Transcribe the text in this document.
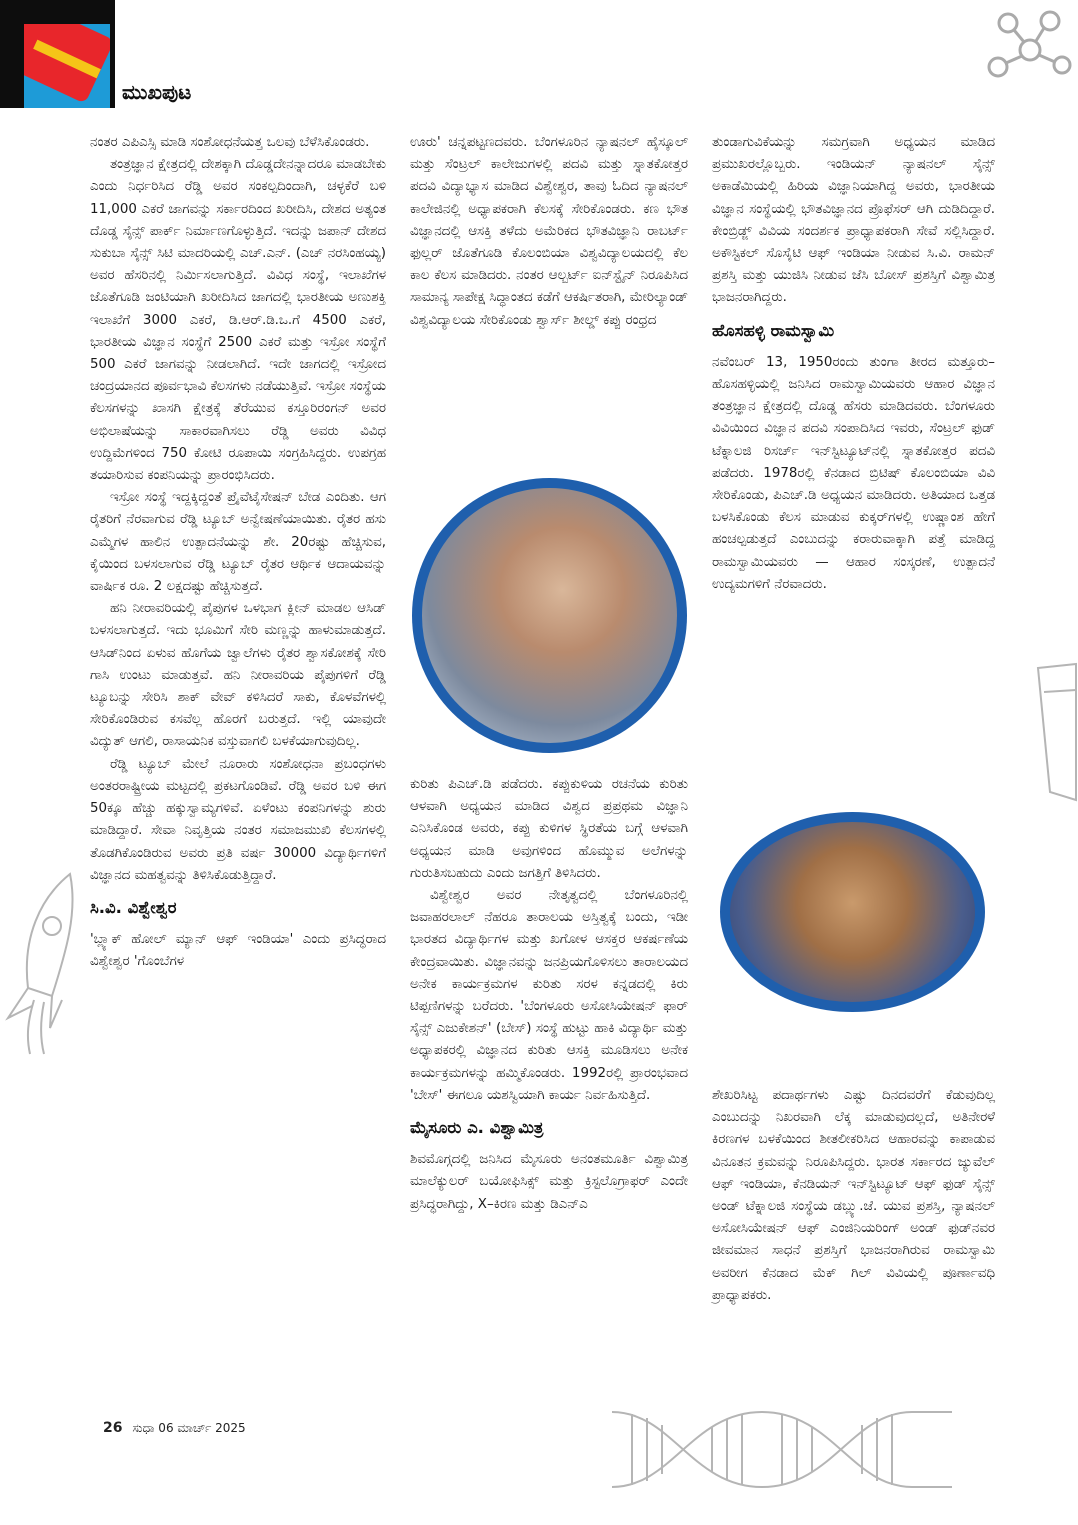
ಮುಖಪುಟ

ನಂತರ ಎಪಿಎಸ್ಸಿ ಮಾಡಿ ಸಂಶೋಧನೆಯತ್ತ ಒಲವು ಬೆಳೆಸಿಕೊಂಡರು.

ತಂತ್ರಜ್ಞಾನ ಕ್ಷೇತ್ರದಲ್ಲಿ ದೇಶಕ್ಕಾಗಿ ದೊಡ್ಡದೇನನ್ನಾದರೂ ಮಾಡಬೇಕು ಎಂದು ನಿರ್ಧರಿಸಿದ ರೆಡ್ಡಿ ಅವರ ಸಂಕಲ್ಪದಿಂದಾಗಿ, ಚಳ್ಳಕೆರೆ ಬಳಿ 11,000 ಎಕರೆ ಜಾಗವನ್ನು ಸರ್ಕಾರದಿಂದ ಖರೀದಿಸಿ, ದೇಶದ ಅತ್ಯಂತ ದೊಡ್ಡ ಸೈನ್ಸ್ ಪಾರ್ಕ್ ನಿರ್ಮಾಣಗೊಳ್ಳುತ್ತಿದೆ. ಇದನ್ನು ಜಪಾನ್ ದೇಶದ ಸುಕುಬಾ ಸೈನ್ಸ್ ಸಿಟಿ ಮಾದರಿಯಲ್ಲಿ ಎಚ್.ಎನ್. (ಎಚ್ ನರಸಿಂಹಯ್ಯ) ಅವರ ಹೆಸರಿನಲ್ಲಿ ನಿರ್ಮಿಸಲಾಗುತ್ತಿದೆ. ವಿವಿಧ ಸಂಸ್ಥೆ, ಇಲಾಖೆಗಳ ಜೊತೆಗೂಡಿ ಜಂಟಿಯಾಗಿ ಖರೀದಿಸಿದ ಜಾಗದಲ್ಲಿ ಭಾರತೀಯ ಅಣುಶಕ್ತಿ ಇಲಾಖೆಗೆ 3000 ಎಕರೆ, ಡಿ.ಆರ್.ಡಿ.ಒ.ಗೆ 4500 ಎಕರೆ, ಭಾರತೀಯ ವಿಜ್ಞಾನ ಸಂಸ್ಥೆಗೆ 2500 ಎಕರೆ ಮತ್ತು ಇಸ್ರೋ ಸಂಸ್ಥೆಗೆ 500 ಎಕರೆ ಜಾಗವನ್ನು ನೀಡಲಾಗಿದೆ. ಇದೇ ಜಾಗದಲ್ಲಿ ಇಸ್ರೋದ ಚಂದ್ರಯಾನದ ಪೂರ್ವಭಾವಿ ಕೆಲಸಗಳು ನಡೆಯುತ್ತಿವೆ. ಇಸ್ರೋ ಸಂಸ್ಥೆಯ ಕೆಲಸಗಳನ್ನು ಖಾಸಗಿ ಕ್ಷೇತ್ರಕ್ಕೆ ತೆರೆಯುವ ಕಸ್ತೂರಿರಂಗನ್ ಅವರ ಅಭಿಲಾಷೆಯನ್ನು ಸಾಕಾರವಾಗಿಸಲು ರೆಡ್ಡಿ ಅವರು ವಿವಿಧ ಉದ್ದಿಮೆಗಳಿಂದ 750 ಕೋಟಿ ರೂಪಾಯಿ ಸಂಗ್ರಹಿಸಿದ್ದರು. ಉಪಗ್ರಹ ತಯಾರಿಸುವ ಕಂಪನಿಯನ್ನು ಪ್ರಾರಂಭಿಸಿದರು.

ಇಸ್ರೋ ಸಂಸ್ಥೆ ಇದ್ದಕ್ಕಿದ್ದಂತೆ ಪ್ರೈವೆಟೈಸೇಷನ್ ಬೇಡ ಎಂದಿತು. ಆಗ ರೈತರಿಗೆ ನೆರವಾಗುವ ರೆಡ್ಡಿ ಟ್ಯೂಬ್ ಅನ್ವೇಷಣೆಯಾಯಿತು. ರೈತರ ಹಸು ಎಮ್ಮೆಗಳ ಹಾಲಿನ ಉತ್ಪಾದನೆಯನ್ನು ಶೇ. 20ರಷ್ಟು ಹೆಚ್ಚಿಸುವ, ಕೈಯಿಂದ ಬಳಸಲಾಗುವ ರೆಡ್ಡಿ ಟ್ಯೂಬ್ ರೈತರ ಆರ್ಥಿಕ ಆದಾಯವನ್ನು ವಾರ್ಷಿಕ ರೂ. 2 ಲಕ್ಷದಷ್ಟು ಹೆಚ್ಚಿಸುತ್ತದೆ.

ಹನಿ ನೀರಾವರಿಯಲ್ಲಿ ಪೈಪುಗಳ ಒಳಭಾಗ ಕ್ಲೀನ್ ಮಾಡಲ ಆಸಿಡ್ ಬಳಸಲಾಗುತ್ತದೆ. ಇದು ಭೂಮಿಗೆ ಸೇರಿ ಮಣ್ಣನ್ನು ಹಾಳುಮಾಡುತ್ತದೆ. ಆಸಿಡ್‌ನಿಂದ ಏಳುವ ಹೊಗೆಯ ಜ್ವಾಲೆಗಳು ರೈತರ ಶ್ವಾಸಕೋಶಕ್ಕೆ ಸೇರಿ ಗಾಸಿ ಉಂಟು ಮಾಡುತ್ತವೆ. ಹನಿ ನೀರಾವರಿಯ ಪೈಪುಗಳಿಗೆ ರೆಡ್ಡಿ ಟ್ಯೂಬನ್ನು ಸೇರಿಸಿ ಶಾಕ್ ವೇವ್ ಕಳಿಸಿದರೆ ಸಾಕು, ಕೊಳವೆಗಳಲ್ಲಿ ಸೇರಿಕೊಂಡಿರುವ ಕಸವೆಲ್ಲ ಹೊರಗೆ ಬರುತ್ತದೆ. ಇಲ್ಲಿ ಯಾವುದೇ ವಿದ್ಯುತ್ ಆಗಲಿ, ರಾಸಾಯನಿಕ ವಸ್ತುವಾಗಲಿ ಬಳಕೆಯಾಗುವುದಿಲ್ಲ.

ರೆಡ್ಡಿ ಟ್ಯೂಬ್ ಮೇಲೆ ನೂರಾರು ಸಂಶೋಧನಾ ಪ್ರಬಂಧಗಳು ಅಂತರರಾಷ್ಟ್ರೀಯ ಮಟ್ಟದಲ್ಲಿ ಪ್ರಕಟಗೊಂಡಿವೆ. ರೆಡ್ಡಿ ಅವರ ಬಳಿ ಈಗ 50ಕ್ಕೂ ಹೆಚ್ಚು ಹಕ್ಕುಸ್ವಾಮ್ಯಗಳಿವೆ. ಏಳೆಂಟು ಕಂಪನಿಗಳನ್ನು ಶುರು ಮಾಡಿದ್ದಾರೆ. ಸೇವಾ ನಿವೃತ್ತಿಯ ನಂತರ ಸಮಾಜಮುಖಿ ಕೆಲಸಗಳಲ್ಲಿ ತೊಡಗಿಕೊಂಡಿರುವ ಅವರು ಪ್ರತಿ ವರ್ಷ 30000 ವಿದ್ಯಾರ್ಥಿಗಳಿಗೆ ವಿಜ್ಞಾನದ ಮಹತ್ವವನ್ನು ತಿಳಿಸಿಕೊಡುತ್ತಿದ್ದಾರೆ.

ಸಿ.ವಿ. ವಿಶ್ವೇಶ್ವರ

'ಬ್ಲ್ಯಾಕ್ ಹೋಲ್ ಮ್ಯಾನ್ ಆಫ್ ಇಂಡಿಯಾ' ಎಂದು ಪ್ರಸಿದ್ಧರಾದ ವಿಶ್ವೇಶ್ವರ 'ಗೊಂಬೆಗಳ

ಊರು' ಚನ್ನಪಟ್ಟಣದವರು. ಬೆಂಗಳೂರಿನ ನ್ಯಾಷನಲ್ ಹೈಸ್ಕೂಲ್ ಮತ್ತು ಸೆಂಟ್ರಲ್ ಕಾಲೇಜುಗಳಲ್ಲಿ ಪದವಿ ಮತ್ತು ಸ್ನಾತಕೋತ್ತರ ಪದವಿ ವಿದ್ಯಾಭ್ಯಾಸ ಮಾಡಿದ ವಿಶ್ವೇಶ್ವರ, ತಾವು ಓದಿದ ನ್ಯಾಷನಲ್ ಕಾಲೇಜಿನಲ್ಲಿ ಅಧ್ಯಾಪಕರಾಗಿ ಕೆಲಸಕ್ಕೆ ಸೇರಿಕೊಂಡರು. ಕಣ ಭೌತ ವಿಜ್ಞಾನದಲ್ಲಿ ಆಸಕ್ತಿ ತಳೆದು ಅಮೆರಿಕದ ಭೌತವಿಜ್ಞಾನಿ ರಾಬರ್ಟ್ ಫುಲ್ಲರ್ ಜೊತೆಗೂಡಿ ಕೊಲಂಬಿಯಾ ವಿಶ್ವವಿದ್ಯಾಲಯದಲ್ಲಿ ಕೆಲ ಕಾಲ ಕೆಲಸ ಮಾಡಿದರು. ನಂತರ ಆಲ್ಬರ್ಟ್ ಐನ್‌ಸ್ಟೈನ್ ನಿರೂಪಿಸಿದ ಸಾಮಾನ್ಯ ಸಾಪೇಕ್ಷ ಸಿದ್ಧಾಂತದ ಕಡೆಗೆ ಆಕರ್ಷಿತರಾಗಿ, ಮೇರಿಲ್ಯಾಂಡ್ ವಿಶ್ವವಿದ್ಯಾಲಯ ಸೇರಿಕೊಂಡು ಶ್ವಾರ್ಸ್ ಶೀಲ್ಡ್ ಕಪ್ಪು ರಂಧ್ರದ

ಕುರಿತು ಪಿಎಚ್.ಡಿ ಪಡೆದರು. ಕಪ್ಪುಕುಳಿಯ ರಚನೆಯ ಕುರಿತು ಆಳವಾಗಿ ಅಧ್ಯಯನ ಮಾಡಿದ ವಿಶ್ವದ ಪ್ರಪ್ರಥಮ ವಿಜ್ಞಾನಿ ಎನಿಸಿಕೊಂಡ ಅವರು, ಕಪ್ಪು ಕುಳಿಗಳ ಸ್ಥಿರತೆಯ ಬಗ್ಗೆ ಆಳವಾಗಿ ಅಧ್ಯಯನ ಮಾಡಿ ಅವುಗಳಿಂದ ಹೊಮ್ಮುವ ಅಲೆಗಳನ್ನು ಗುರುತಿಸಬಹುದು ಎಂದು ಜಗತ್ತಿಗೆ ತಿಳಿಸಿದರು.

ವಿಶ್ವೇಶ್ವರ ಅವರ ನೇತೃತ್ವದಲ್ಲಿ ಬೆಂಗಳೂರಿನಲ್ಲಿ ಜವಾಹರಲಾಲ್ ನೆಹರೂ ತಾರಾಲಯ ಅಸ್ತಿತ್ವಕ್ಕೆ ಬಂದು, ಇಡೀ ಭಾರತದ ವಿದ್ಯಾರ್ಥಿಗಳ ಮತ್ತು ಖಗೋಳ ಆಸಕ್ತರ ಆಕರ್ಷಣೆಯ ಕೇಂದ್ರವಾಯಿತು. ವಿಜ್ಞಾನವನ್ನು ಜನಪ್ರಿಯಗೊಳಿಸಲು ತಾರಾಲಯದ ಅನೇಕ ಕಾರ್ಯಕ್ರಮಗಳ ಕುರಿತು ಸರಳ ಕನ್ನಡದಲ್ಲಿ ಕಿರು ಟಿಪ್ಪಣಿಗಳನ್ನು ಬರೆದರು. 'ಬೆಂಗಳೂರು ಅಸೋಸಿಯೇಷನ್ ಫಾರ್ ಸೈನ್ಸ್ ಎಜುಕೇಶನ್' (ಬೇಸ್) ಸಂಸ್ಥೆ ಹುಟ್ಟು ಹಾಕಿ ವಿದ್ಯಾರ್ಥಿ ಮತ್ತು ಅಧ್ಯಾಪಕರಲ್ಲಿ ವಿಜ್ಞಾನದ ಕುರಿತು ಆಸಕ್ತಿ ಮೂಡಿಸಲು ಅನೇಕ ಕಾರ್ಯಕ್ರಮಗಳನ್ನು ಹಮ್ಮಿಕೊಂಡರು. 1992ರಲ್ಲಿ ಪ್ರಾರಂಭವಾದ 'ಬೇಸ್' ಈಗಲೂ ಯಶಸ್ವಿಯಾಗಿ ಕಾರ್ಯ ನಿರ್ವಹಿಸುತ್ತಿದೆ.

ಮೈಸೂರು ಎ. ವಿಶ್ವಾಮಿತ್ರ

ಶಿವಮೊಗ್ಗದಲ್ಲಿ ಜನಿಸಿದ ಮೈಸೂರು ಅನಂತಮೂರ್ತಿ ವಿಶ್ವಾಮಿತ್ರ ಮಾಲೆಕ್ಯುಲರ್ ಬಯೋಫಿಸಿಕ್ಸ್ ಮತ್ತು ಕ್ರಿಸ್ಟಲೊಗ್ರಾಫರ್ ಎಂದೇ ಪ್ರಸಿದ್ಧರಾಗಿದ್ದು, X–ಕಿರಣ ಮತ್ತು ಡಿಎನ್‌ಎ

ತುಂಡಾಗುವಿಕೆಯನ್ನು ಸಮಗ್ರವಾಗಿ ಅಧ್ಯಯನ ಮಾಡಿದ ಪ್ರಮುಖರಲ್ಲೊಬ್ಬರು. ಇಂಡಿಯನ್ ನ್ಯಾಷನಲ್ ಸೈನ್ಸ್ ಅಕಾಡೆಮಿಯಲ್ಲಿ ಹಿರಿಯ ವಿಜ್ಞಾನಿಯಾಗಿದ್ದ ಅವರು, ಭಾರತೀಯ ವಿಜ್ಞಾನ ಸಂಸ್ಥೆಯಲ್ಲಿ ಭೌತವಿಜ್ಞಾನದ ಪ್ರೊಫೆಸರ್ ಆಗಿ ದುಡಿದಿದ್ದಾರೆ. ಕೇಂಬ್ರಿಡ್ಜ್ ವಿವಿಯ ಸಂದರ್ಶಕ ಪ್ರಾಧ್ಯಾಪಕರಾಗಿ ಸೇವೆ ಸಲ್ಲಿಸಿದ್ದಾರೆ. ಅಕೌಸ್ಟಿಕಲ್ ಸೊಸೈಟಿ ಆಫ್ ಇಂಡಿಯಾ ನೀಡುವ ಸಿ.ವಿ. ರಾಮನ್ ಪ್ರಶಸ್ತಿ ಮತ್ತು ಯುಜಿಸಿ ನೀಡುವ ಜೆಸಿ ಬೋಸ್ ಪ್ರಶಸ್ತಿಗೆ ವಿಶ್ವಾಮಿತ್ರ ಭಾಜನರಾಗಿದ್ದರು.

ಹೊಸಹಳ್ಳಿ ರಾಮಸ್ವಾಮಿ

ನವೆಂಬರ್ 13, 1950ರಂದು ತುಂಗಾ ತೀರದ ಮತ್ತೂರು–ಹೊಸಹಳ್ಳಿಯಲ್ಲಿ ಜನಿಸಿದ ರಾಮಸ್ವಾಮಿಯವರು ಆಹಾರ ವಿಜ್ಞಾನ ತಂತ್ರಜ್ಞಾನ ಕ್ಷೇತ್ರದಲ್ಲಿ ದೊಡ್ಡ ಹೆಸರು ಮಾಡಿದವರು. ಬೆಂಗಳೂರು ವಿವಿಯಿಂದ ವಿಜ್ಞಾನ ಪದವಿ ಸಂಪಾದಿಸಿದ ಇವರು, ಸೆಂಟ್ರಲ್ ಫುಡ್ ಟೆಕ್ನಾಲಜಿ ರಿಸರ್ಚ್ ಇನ್‌ಸ್ಟಿಟ್ಯೂಟ್‌ನಲ್ಲಿ ಸ್ನಾತಕೋತ್ತರ ಪದವಿ ಪಡೆದರು. 1978ರಲ್ಲಿ ಕೆನಡಾದ ಬ್ರಿಟಿಷ್ ಕೊಲಂಬಿಯಾ ವಿವಿ ಸೇರಿಕೊಂಡು, ಪಿಎಚ್.ಡಿ ಅಧ್ಯಯನ ಮಾಡಿದರು. ಅತಿಯಾದ ಒತ್ತಡ ಬಳಸಿಕೊಂಡು ಕೆಲಸ ಮಾಡುವ ಕುಕ್ಕರ್‌ಗಳಲ್ಲಿ ಉಷ್ಣಾಂಶ ಹೇಗೆ ಹಂಚಲ್ಪಡುತ್ತದೆ ಎಂಬುದನ್ನು ಕರಾರುವಾಕ್ಕಾಗಿ ಪತ್ತೆ ಮಾಡಿದ್ದ ರಾಮಸ್ವಾಮಿಯವರು — ಆಹಾರ ಸಂಸ್ಕರಣೆ, ಉತ್ಪಾದನೆ ಉದ್ಯಮಗಳಿಗೆ ನೆರವಾದರು.

ಶೇಖರಿಸಿಟ್ಟ ಪದಾರ್ಥಗಳು ಎಷ್ಟು ದಿನದವರೆಗೆ ಕೆಡುವುದಿಲ್ಲ ಎಂಬುದನ್ನು ನಿಖರವಾಗಿ ಲೆಕ್ಕ ಮಾಡುವುದಲ್ಲದೆ, ಅತಿನೇರಳೆ ಕಿರಣಗಳ ಬಳಕೆಯಿಂದ ಶೀತಲೀಕರಿಸಿದ ಆಹಾರವನ್ನು ಕಾಪಾಡುವ ವಿನೂತನ ಕ್ರಮವನ್ನು ನಿರೂಪಿಸಿದ್ದರು. ಭಾರತ ಸರ್ಕಾರದ ಜ್ಯುವೆಲ್ ಆಫ್ ಇಂಡಿಯಾ, ಕೆನಡಿಯನ್ ಇನ್‌ಸ್ಟಿಟ್ಯೂಟ್ ಆಫ್ ಫುಡ್ ಸೈನ್ಸ್ ಅಂಡ್ ಟೆಕ್ನಾಲಜಿ ಸಂಸ್ಥೆಯ ಡಬ್ಲ್ಯು.ಜೆ. ಯುವ ಪ್ರಶಸ್ತಿ, ನ್ಯಾಷನಲ್ ಅಸೋಸಿಯೇಷನ್ ಆಫ್ ಎಂಜಿನಿಯರಿಂಗ್ ಅಂಡ್ ಫುಡ್‌ನವರ ಜೀವಮಾನ ಸಾಧನೆ ಪ್ರಶಸ್ತಿಗೆ ಭಾಜನರಾಗಿರುವ ರಾಮಸ್ವಾಮಿ ಅವರೀಗ ಕೆನಡಾದ ಮೆಕ್ ಗಿಲ್ ವಿವಿಯಲ್ಲಿ ಪೂರ್ಣಾವಧಿ ಪ್ರಾಧ್ಯಾಪಕರು.

26 ಸುಧಾ 06 ಮಾರ್ಚ್ 2025
